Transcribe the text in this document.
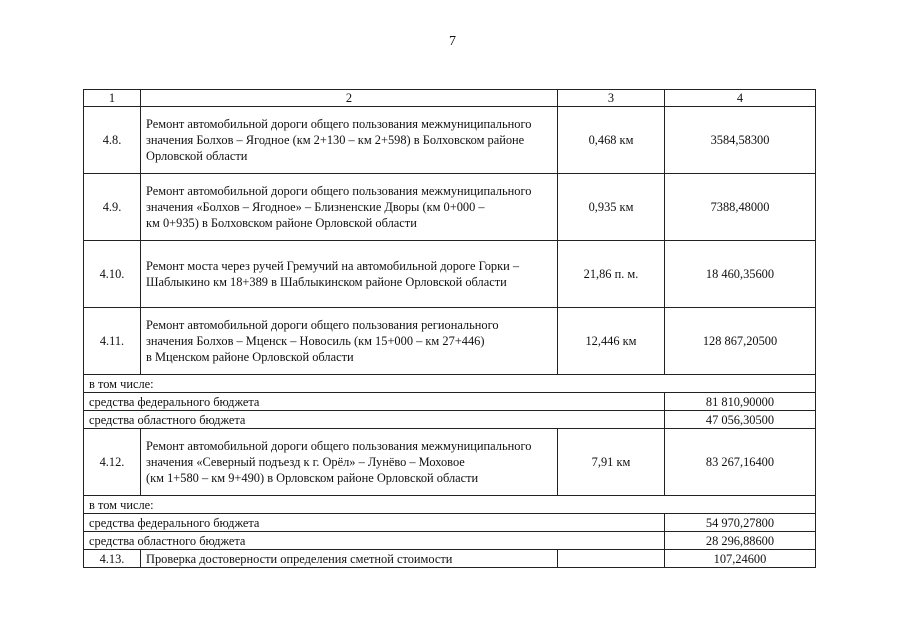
7
1	2	3	4
4.8.	Ремонт автомобильной дороги общего пользования межмуниципального
значения Болхов – Ягодное (км 2+130 – км 2+598) в Болховском районе
Орловской области	0,468 км	3584,58300
4.9.	Ремонт автомобильной дороги общего пользования межмуниципального
значения «Болхов – Ягодное» – Близненские Дворы (км 0+000 –
км 0+935) в Болховском районе Орловской области	0,935 км	7388,48000
4.10.	Ремонт моста через ручей Гремучий на автомобильной дороге Горки –
Шаблыкино км 18+389 в Шаблыкинском районе Орловской области	21,86 п. м.	18 460,35600
4.11.	Ремонт автомобильной дороги общего пользования регионального
значения Болхов – Мценск – Новосиль (км 15+000 – км 27+446)
в Мценском районе Орловской области	12,446 км	128 867,20500
в том числе:			
средства федерального бюджета			81 810,90000
средства областного бюджета			47 056,30500
4.12.	Ремонт автомобильной дороги общего пользования межмуниципального
значения «Северный подъезд к г. Орёл» – Лунёво – Моховое
(км 1+580 – км 9+490) в Орловском районе Орловской области	7,91 км	83 267,16400
в том числе:			
средства федерального бюджета			54 970,27800
средства областного бюджета			28 296,88600
4.13.	Проверка достоверности определения сметной стоимости		107,24600
